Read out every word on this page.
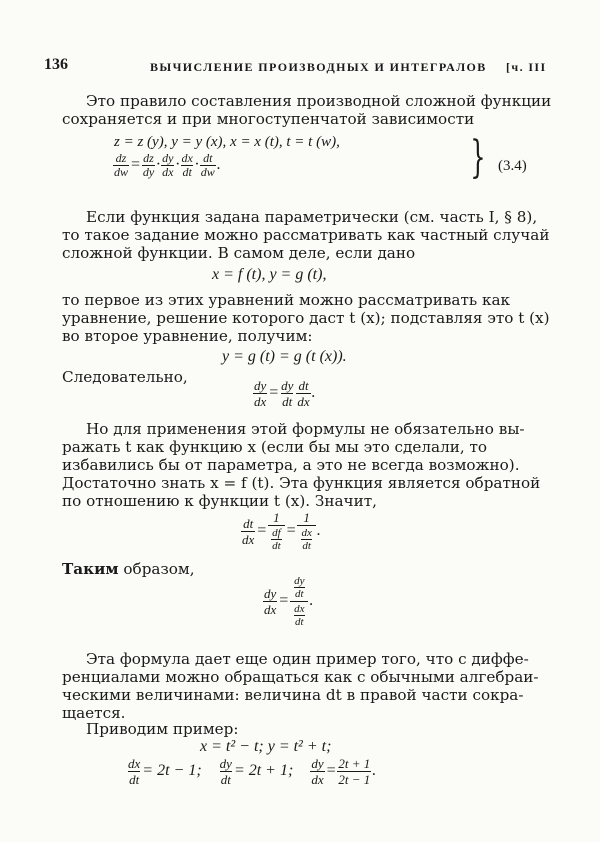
136	ВЫЧИСЛЕНИЕ ПРОИЗВОДНЫХ И ИНТЕГРАЛОВ [ч. III
Это правило составления производной сложной функции
сохраняется и при многоступенчатой зависимости
z = z (y), y = y (x), x = x (t), t = t (w),
$\frac{dz}{dw} = \frac{dz}{dy} \cdot \frac{dy}{dx} \cdot \frac{dx}{dt} \cdot \frac{dt}{dw}$ .	} (3.4)
Если функция задана параметрически (см. часть I, § 8),
то такое задание можно рассматривать как частный случай
сложной функции. В самом деле, если дано
x = f (t), y = g (t),
то первое из этих уравнений можно рассматривать как
уравнение, решение которого даст t (x); подставляя это t (x)
во второе уравнение, получим:
y = g (t) = g (t (x)).
Следовательно,
$\frac{dy}{dx} = \frac{dy}{dt} \frac{dt}{dx}$ .
Но для применения этой формулы не обязательно вы-
ражать t как функцию x (если бы мы это сделали, то
избавились бы от параметра, а это не всегда возможно).
Достаточно знать x = f (t). Эта функция является обратной
по отношению к функции t (x). Значит,
$\frac{dt}{dx} = \frac{1}{\frac{df}{dt}} = \frac{1}{\frac{dx}{dt}}$ .
Таким образом,
$\frac{dy}{dx} = \frac{\frac{dy}{dt}}{\frac{dx}{dt}}$ .
Эта формула дает еще один пример того, что с диффе-
ренциалами можно обращаться как с обычными алгебраи-
ческими величинами: величина dt в правой части сокра-
щается.
Приводим пример:
x = t² − t; y = t² + t;
$\frac{dx}{dt} = 2t - 1$; $\frac{dy}{dt} = 2t + 1$; $\frac{dy}{dx} = \frac{2t + 1}{2t - 1}$ .
